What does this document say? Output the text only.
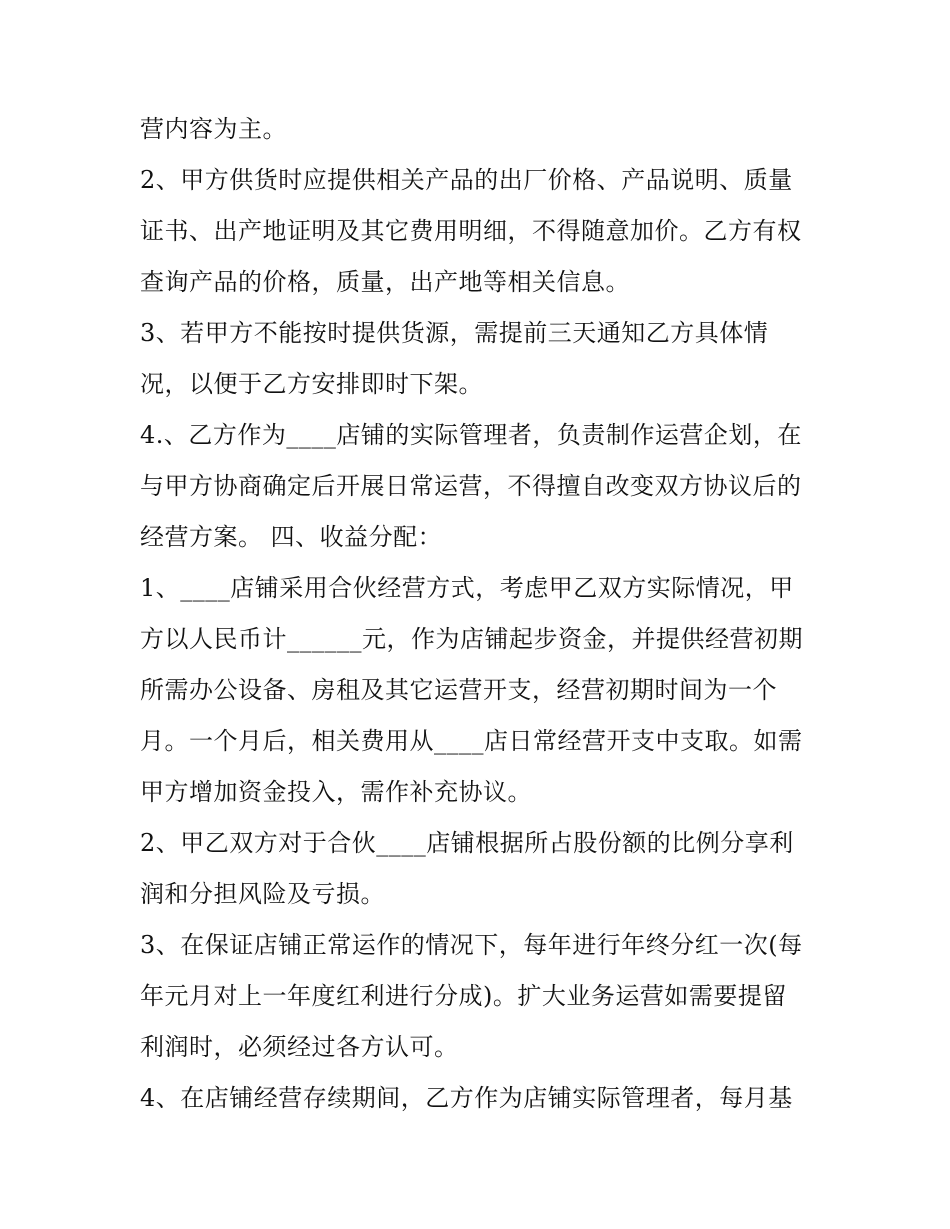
营内容为主。
2、甲方供货时应提供相关产品的出厂价格、产品说明、质量
证书、出产地证明及其它费用明细，不得随意加价。乙方有权
查询产品的价格，质量，出产地等相关信息。
3、若甲方不能按时提供货源，需提前三天通知乙方具体情
况，以便于乙方安排即时下架。
4.、乙方作为____店铺的实际管理者，负责制作运营企划，在
与甲方协商确定后开展日常运营，不得擅自改变双方协议后的
经营方案。 四、收益分配：
1、____店铺采用合伙经营方式，考虑甲乙双方实际情况，甲
方以人民币计______元，作为店铺起步资金，并提供经营初期
所需办公设备、房租及其它运营开支，经营初期时间为一个
月。一个月后，相关费用从____店日常经营开支中支取。如需
甲方增加资金投入，需作补充协议。
2、甲乙双方对于合伙____店铺根据所占股份额的比例分享利
润和分担风险及亏损。
3、在保证店铺正常运作的情况下，每年进行年终分红一次(每
年元月对上一年度红利进行分成)。扩大业务运营如需要提留
利润时，必须经过各方认可。
4、在店铺经营存续期间，乙方作为店铺实际管理者，每月基
